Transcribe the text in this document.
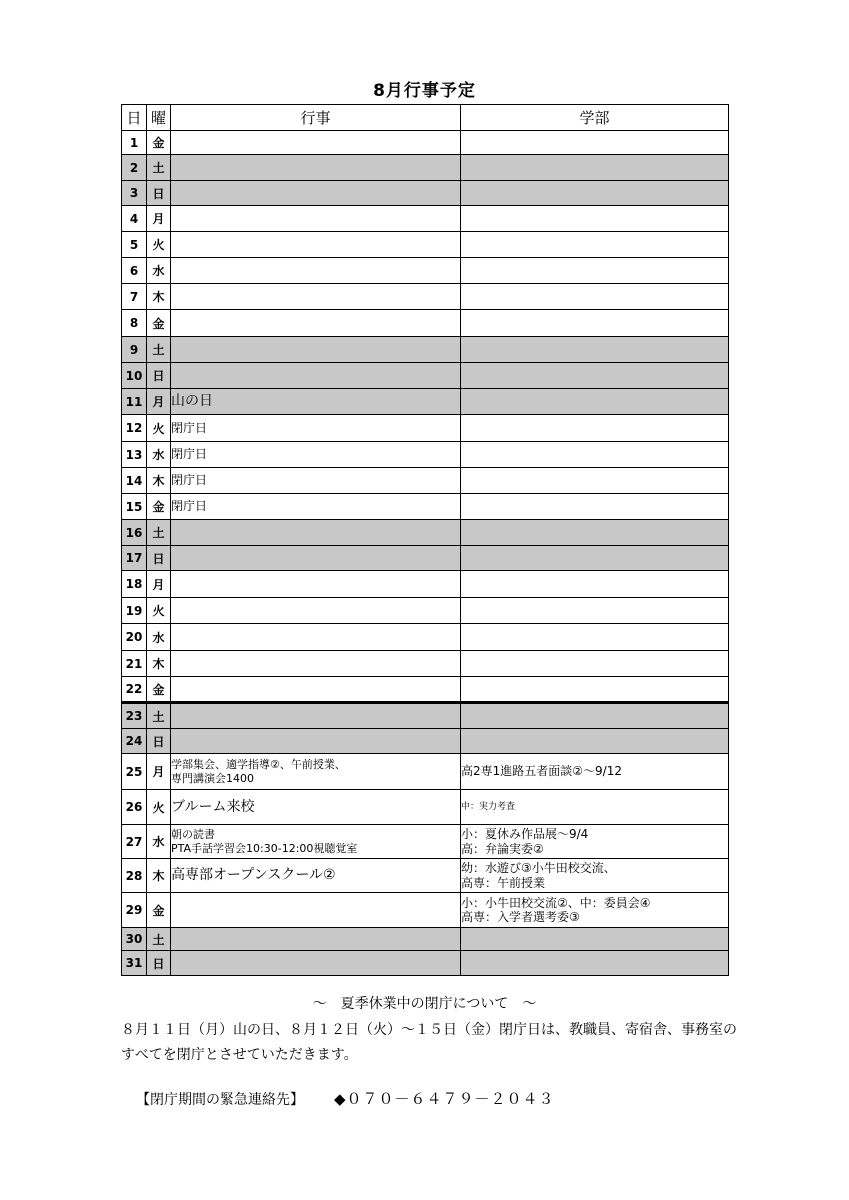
8月行事予定
日	曜	行事	学部
1	金		
2	土		
3	日		
4	月		
5	火		
6	水		
7	木		
8	金		
9	土		
10	日		
11	月	山の日	
12	火	閉庁日	
13	水	閉庁日	
14	木	閉庁日	
15	金	閉庁日	
16	土		
17	日		
18	月		
19	火		
20	水		
21	木		
22	金		
23	土		
24	日		
25	月	学部集会、適学指導②、午前授業、
専門講演会1400	高2専1進路五者面談②～9/12
26	火	ブルーム来校	中：実力考査
27	水	朝の読書
PTA手話学習会10:30-12:00視聴覚室	小：夏休み作品展～9/4
高：弁論実委②
28	木	高専部オープンスクール②	幼：水遊び③小牛田校交流、
高専：午前授業
29	金		小：小牛田校交流②、中：委員会④
高専：入学者選考委③
30	土		
31	日		
～　夏季休業中の閉庁について　～
８月１１日（月）山の日、８月１２日（火）～１５日（金）閉庁日は、教職員、寄宿舎、事務室のすべてを閉庁とさせていただきます。
【閉庁期間の緊急連絡先】 ◆０７０－６４７９－２０４３
